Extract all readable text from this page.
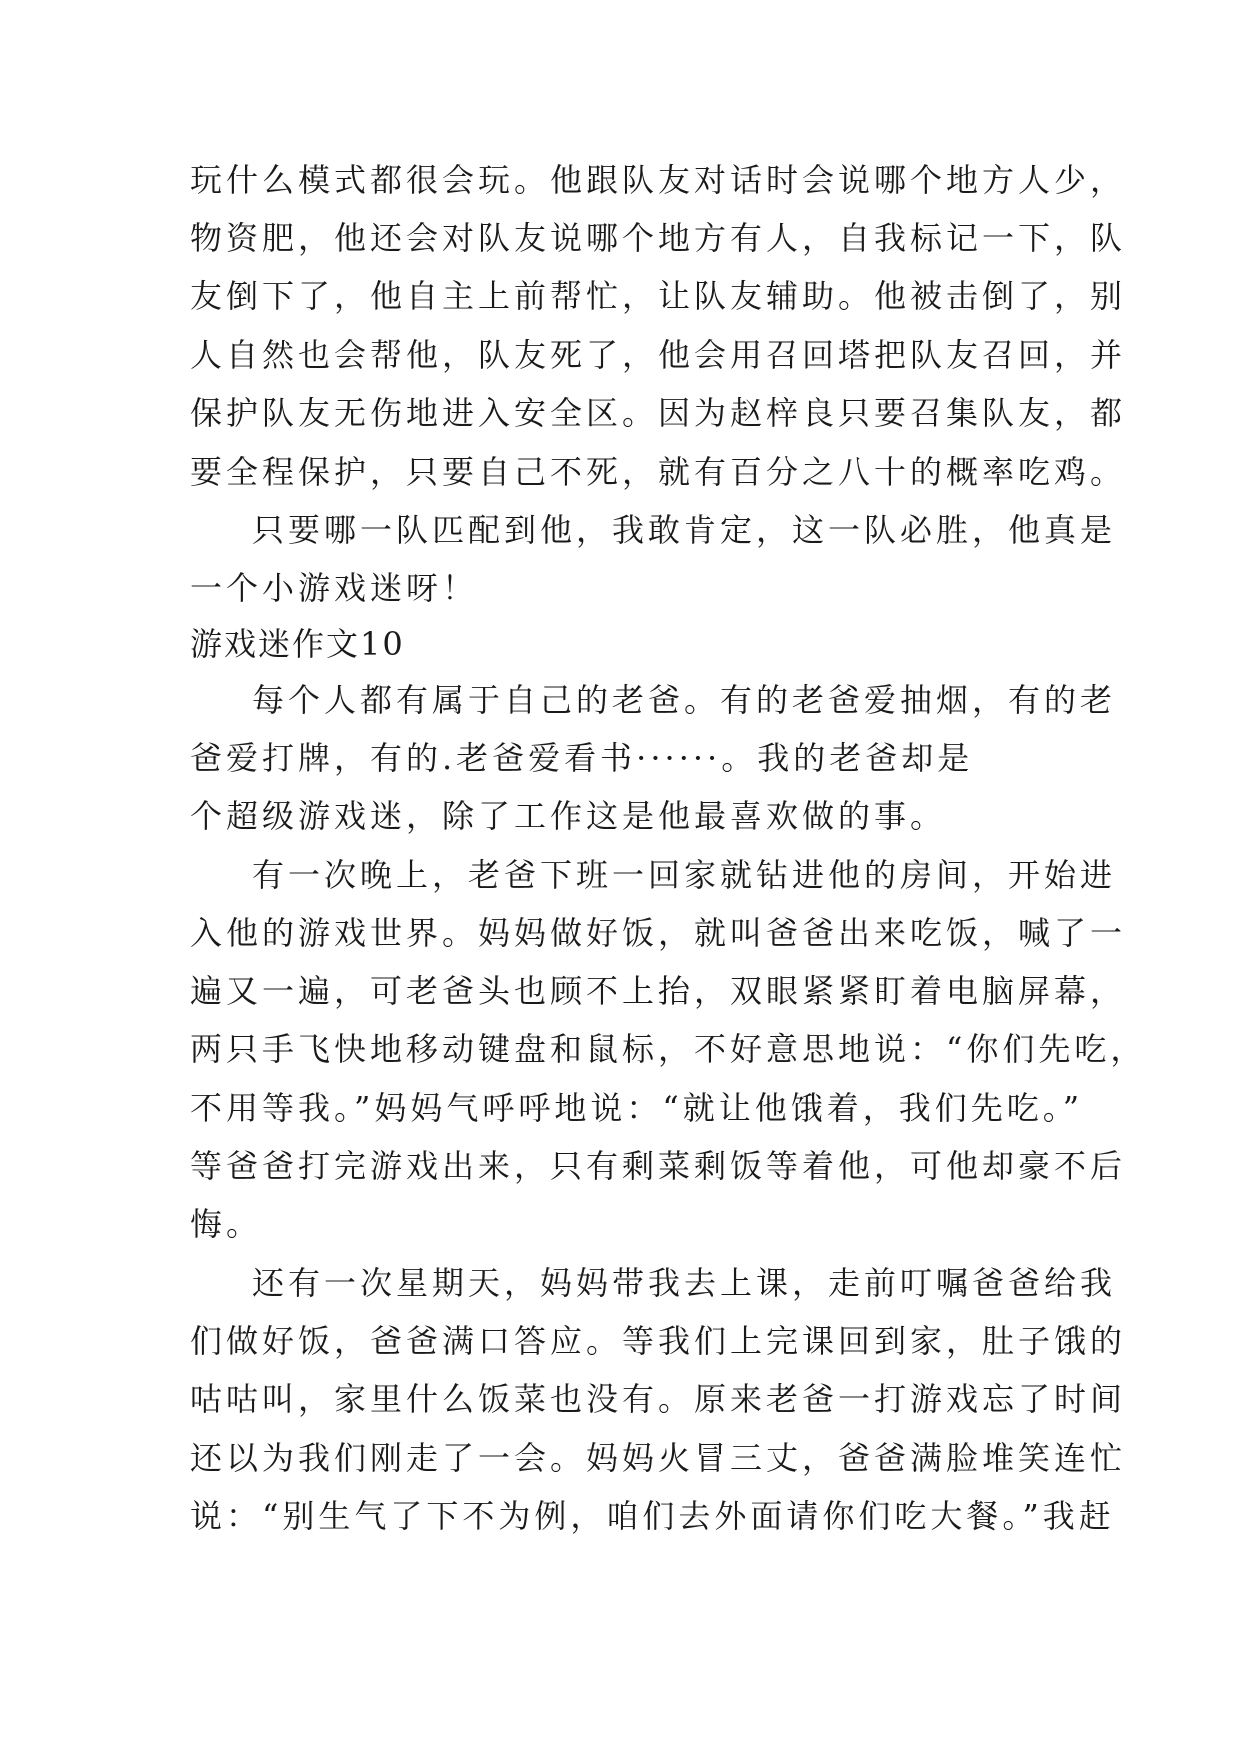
玩什么模式都很会玩。他跟队友对话时会说哪个地方人少，
物资肥，他还会对队友说哪个地方有人，自我标记一下，队
友倒下了，他自主上前帮忙，让队友辅助。他被击倒了，别
人自然也会帮他，队友死了，他会用召回塔把队友召回，并
保护队友无伤地进入安全区。因为赵梓良只要召集队友，都
要全程保护，只要自己不死，就有百分之八十的概率吃鸡。
只要哪一队匹配到他，我敢肯定，这一队必胜，他真是
一个小游戏迷呀！
游戏迷作文10
每个人都有属于自己的老爸。有的老爸爱抽烟，有的老
爸爱打牌，有的.老爸爱看书······。我的老爸却是
个超级游戏迷，除了工作这是他最喜欢做的事。
有一次晚上，老爸下班一回家就钻进他的房间，开始进
入他的游戏世界。妈妈做好饭，就叫爸爸出来吃饭，喊了一
遍又一遍，可老爸头也顾不上抬，双眼紧紧盯着电脑屏幕，
两只手飞快地移动键盘和鼠标，不好意思地说：“你们先吃，
不用等我。”妈妈气呼呼地说：“就让他饿着，我们先吃。”
等爸爸打完游戏出来，只有剩菜剩饭等着他，可他却豪不后
悔。
还有一次星期天，妈妈带我去上课，走前叮嘱爸爸给我
们做好饭，爸爸满口答应。等我们上完课回到家，肚子饿的
咕咕叫，家里什么饭菜也没有。原来老爸一打游戏忘了时间
还以为我们刚走了一会。妈妈火冒三丈，爸爸满脸堆笑连忙
说：“别生气了下不为例，咱们去外面请你们吃大餐。”我赶
